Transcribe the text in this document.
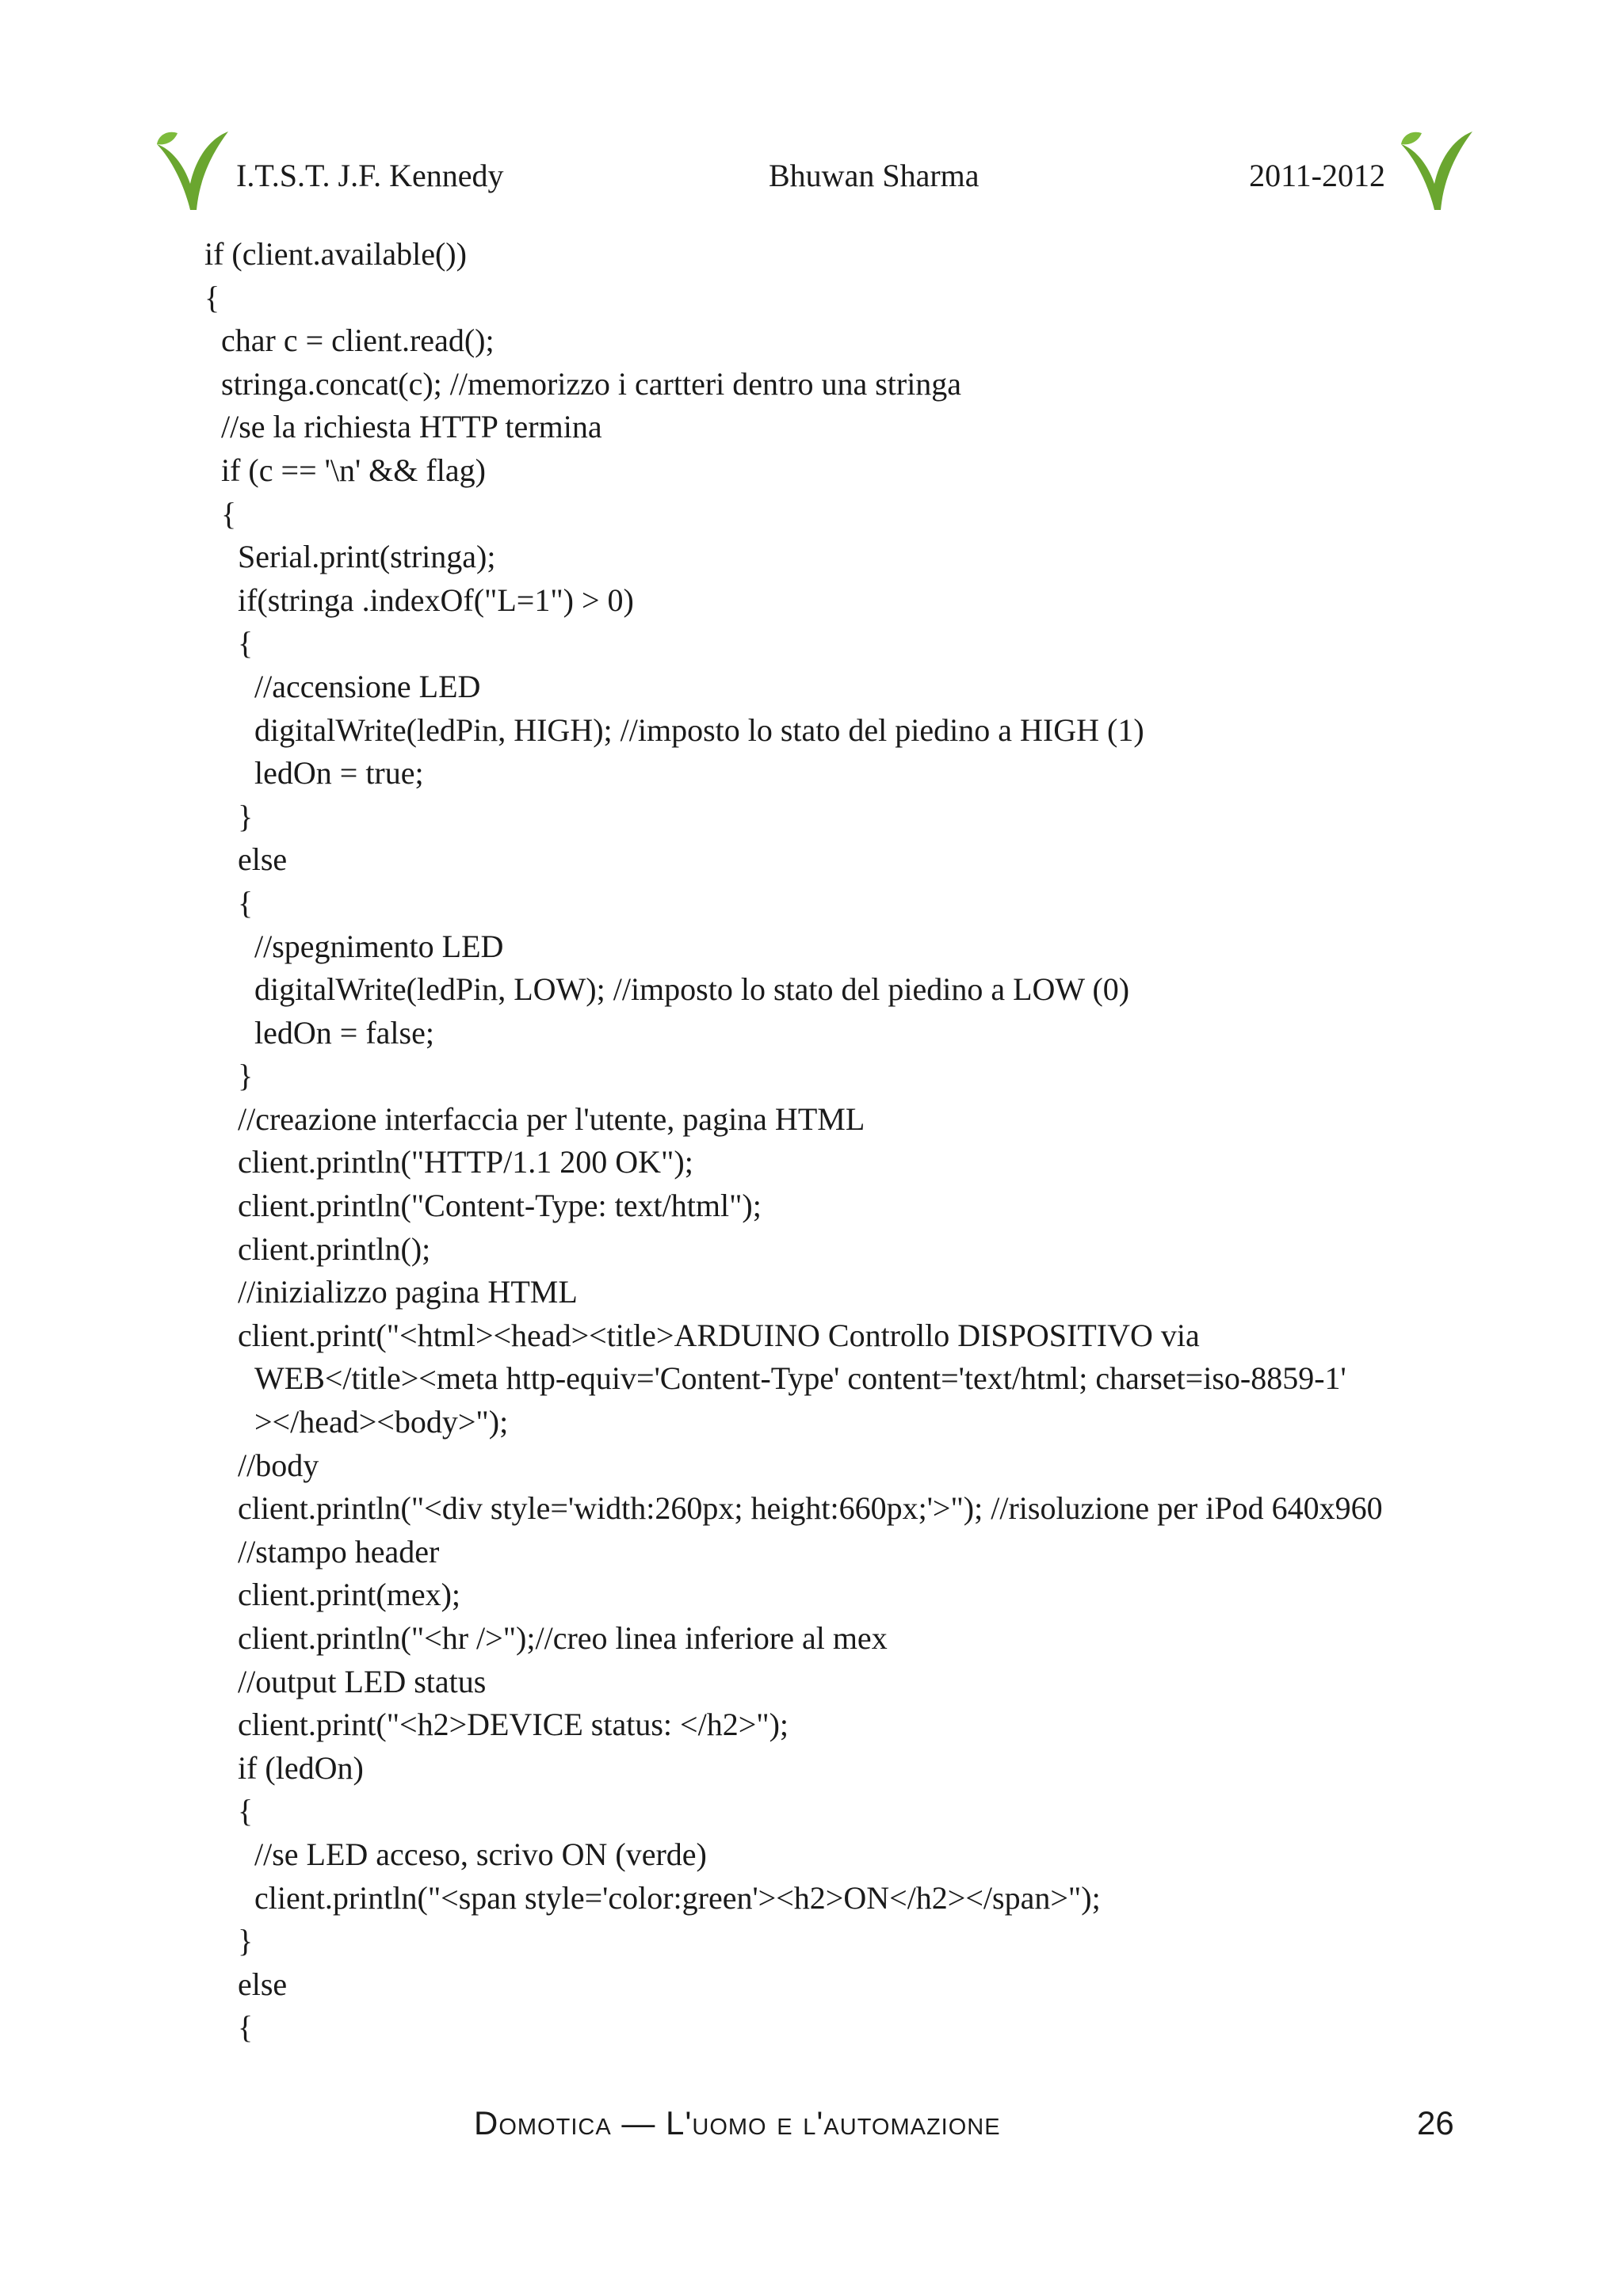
I.T.S.T. J.F. Kennedy	Bhuwan Sharma	2011-2012
if (client.available())
{
char c = client.read();
stringa.concat(c); //memorizzo i cartteri dentro una stringa
//se la richiesta HTTP termina
if (c == '\n' && flag)
{
Serial.print(stringa);
if(stringa .indexOf("L=1") > 0)
{
//accensione LED
digitalWrite(ledPin, HIGH); //imposto lo stato del piedino a HIGH (1)
ledOn = true;
}
else
{
//spegnimento LED
digitalWrite(ledPin, LOW); //imposto lo stato del piedino a LOW (0)
ledOn = false;
}
//creazione interfaccia per l'utente, pagina HTML
client.println("HTTP/1.1 200 OK");
client.println("Content-Type: text/html");
client.println();
//inizializzo pagina HTML
client.print("<html><head><title>ARDUINO Controllo DISPOSITIVO via
WEB</title><meta http-equiv='Content-Type' content='text/html; charset=iso-8859-1'
></head><body>");
//body
client.println("<div style='width:260px; height:660px;'>"); //risoluzione per iPod 640x960
//stampo header
client.print(mex);
client.println("<hr />");//creo linea inferiore al mex
//output LED status
client.print("<h2>DEVICE status: </h2>");
if (ledOn)
{
//se LED acceso, scrivo ON (verde)
client.println("<span style='color:green'><h2>ON</h2></span>");
}
else
{
Domotica — L'uomo e l'automazione	26
